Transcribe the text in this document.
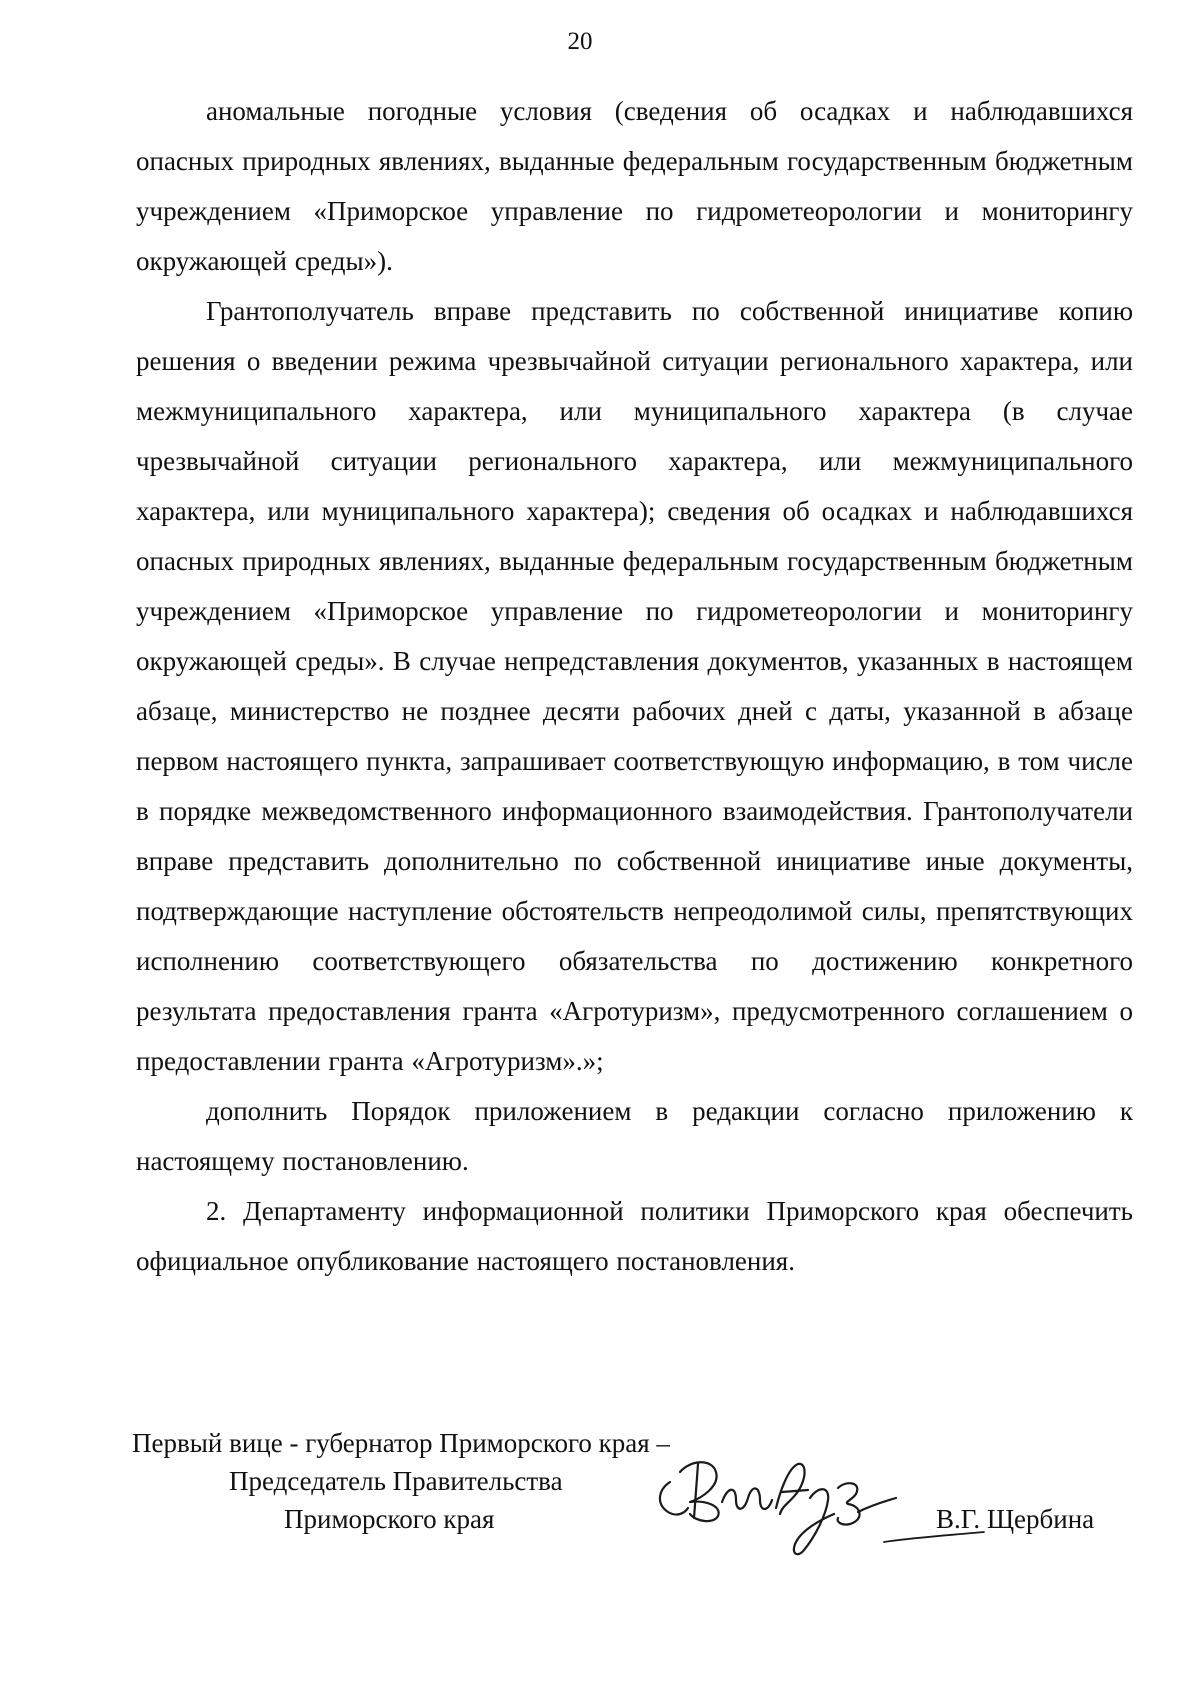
20

аномальные погодные условия (сведения об осадках и наблюдавшихся опасных природных явлениях, выданные федеральным государственным бюджетным учреждением «Приморское управление по гидрометеорологии и мониторингу окружающей среды»).

Грантополучатель вправе представить по собственной инициативе копию решения о введении режима чрезвычайной ситуации регионального характера, или межмуниципального характера, или муниципального характера (в случае чрезвычайной ситуации регионального характера, или межмуниципального характера, или муниципального характера); сведения об осадках и наблюдавшихся опасных природных явлениях, выданные федеральным государственным бюджетным учреждением «Приморское управление по гидрометеорологии и мониторингу окружающей среды». В случае непредставления документов, указанных в настоящем абзаце, министерство не позднее десяти рабочих дней с даты, указанной в абзаце первом настоящего пункта, запрашивает соответствующую информацию, в том числе в порядке межведомственного информационного взаимодействия. Грантополучатели вправе представить дополнительно по собственной инициативе иные документы, подтверждающие наступление обстоятельств непреодолимой силы, препятствующих исполнению соответствующего обязательства по достижению конкретного результата предоставления гранта «Агротуризм», предусмотренного соглашением о предоставлении гранта «Агротуризм».»;

дополнить Порядок приложением в редакции согласно приложению к настоящему постановлению.

2. Департаменту информационной политики Приморского края обеспечить официальное опубликование настоящего постановления.

Первый вице - губернатор Приморского края –
Председатель Правительства
Приморского края	В.Г. Щербина
